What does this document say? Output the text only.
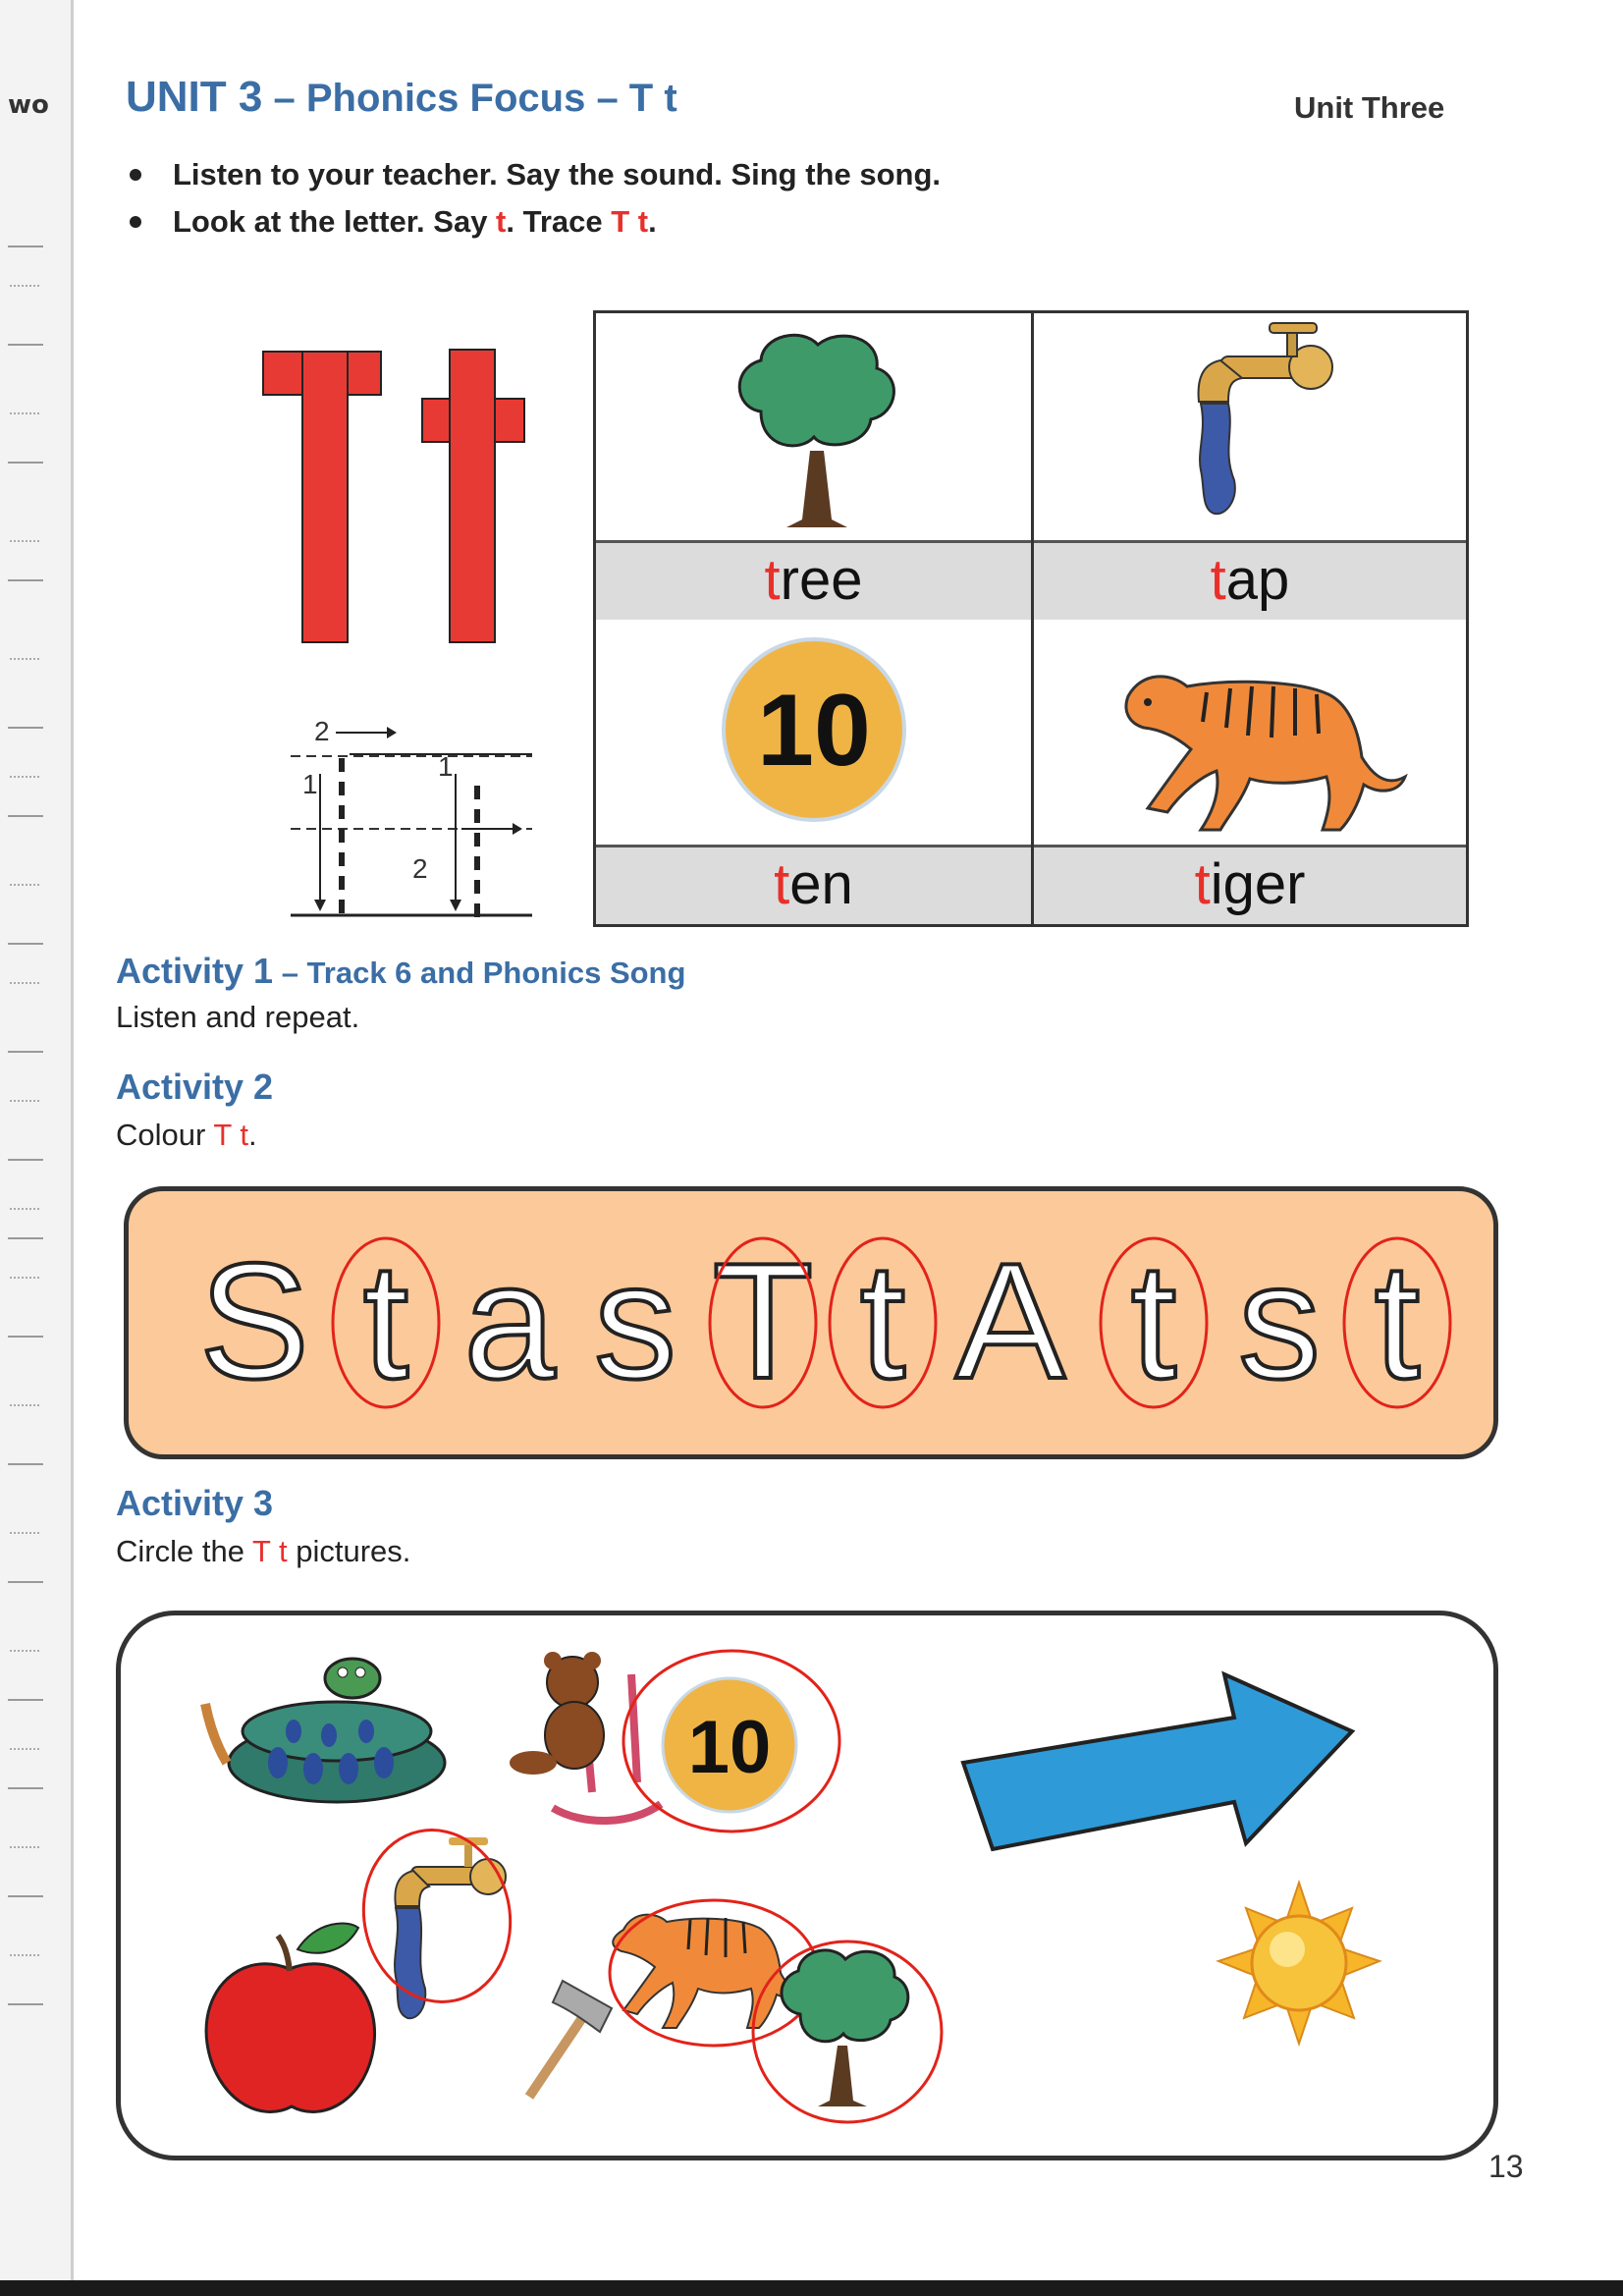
wo UNIT 3 – Phonics Focus – T t	Unit Three
Listen to your teacher. Say the sound. Sing the song.
Look at the letter. Say t. Trace T t.
2
1
1
2
tree	tap
10
ten	tiger
Activity 1 – Track 6 and Phonics Song
Listen and repeat.
Activity 2
Colour T t.
S t a s T t A t s t
Activity 3
Circle the T t pictures.
10
13
